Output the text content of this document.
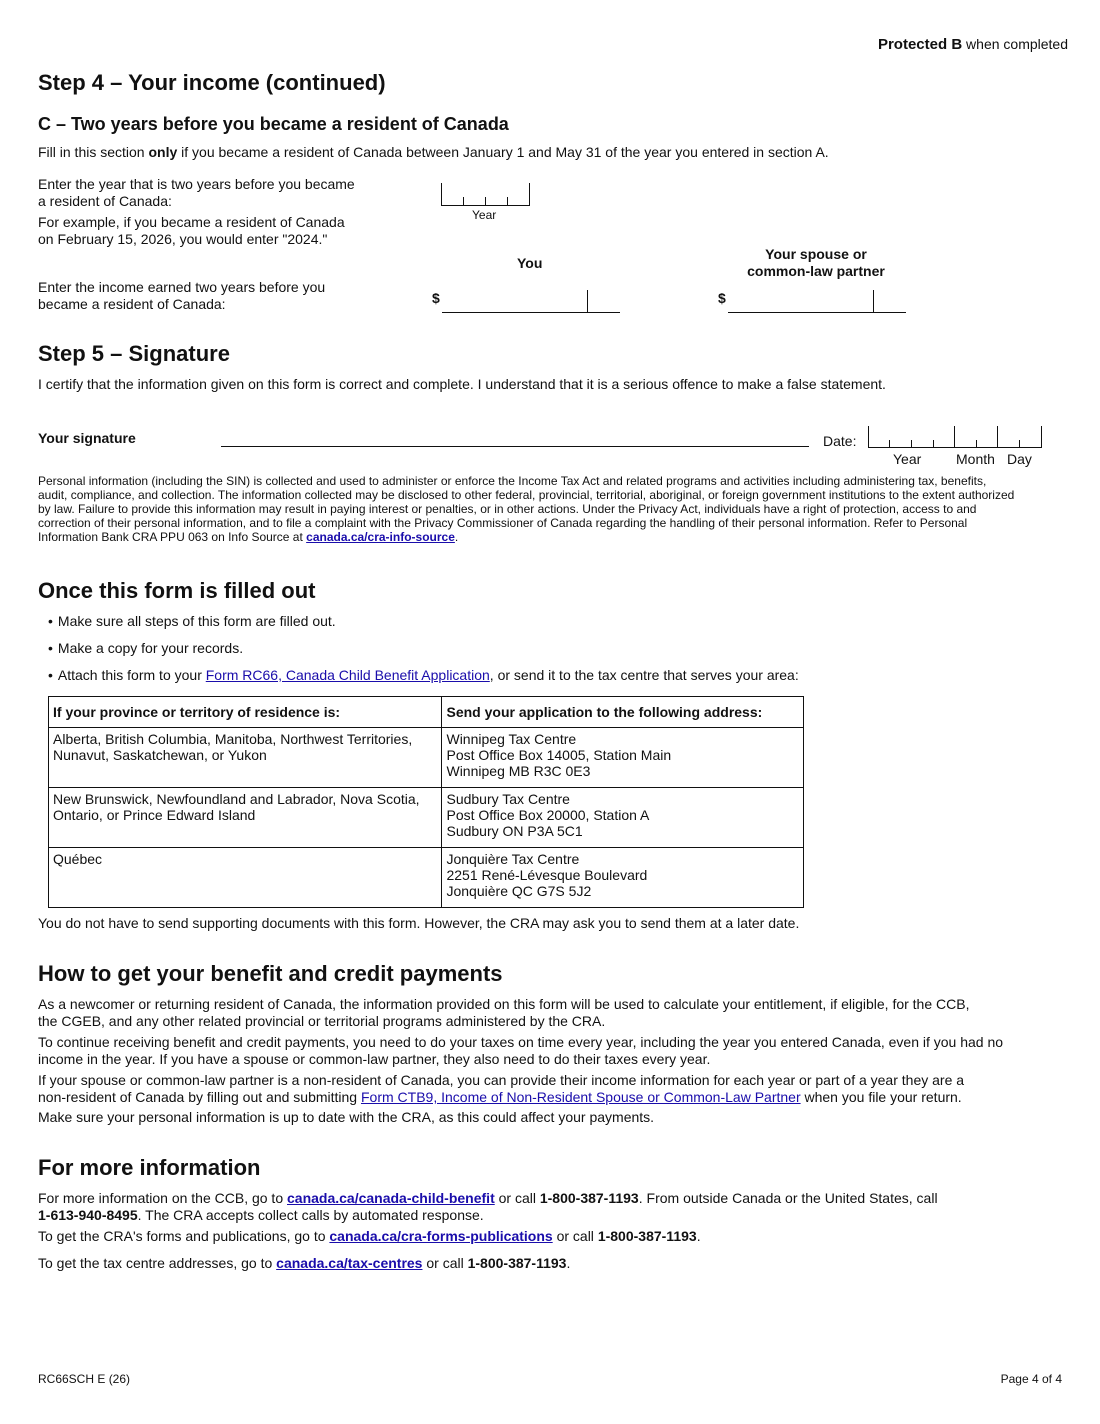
Protected B when completed
Step 4 – Your income (continued)
C – Two years before you became a resident of Canada
Fill in this section only if you became a resident of Canada between January 1 and May 31 of the year you entered in section A.
Enter the year that is two years before you became
a resident of Canada:
For example, if you became a resident of Canada
on February 15, 2026, you would enter "2024."
Year
You
Your spouse or
common-law partner
Enter the income earned two years before you
became a resident of Canada:	$	$
Step 5 – Signature
I certify that the information given on this form is correct and complete. I understand that it is a serious offence to make a false statement.
Your signature	Date:
Year Month Day
Personal information (including the SIN) is collected and used to administer or enforce the Income Tax Act and related programs and activities including administering tax, benefits,
audit, compliance, and collection. The information collected may be disclosed to other federal, provincial, territorial, aboriginal, or foreign government institutions to the extent authorized
by law. Failure to provide this information may result in paying interest or penalties, or in other actions. Under the Privacy Act, individuals have a right of protection, access to and
correction of their personal information, and to file a complaint with the Privacy Commissioner of Canada regarding the handling of their personal information. Refer to Personal
Information Bank CRA PPU 063 on Info Source at canada.ca/cra-info-source.
Once this form is filled out
• Make sure all steps of this form are filled out.
• Make a copy for your records.
• Attach this form to your Form RC66, Canada Child Benefit Application, or send it to the tax centre that serves your area:
If your province or territory of residence is:	Send your application to the following address:
Alberta, British Columbia, Manitoba, Northwest Territories,
Nunavut, Saskatchewan, or Yukon	Winnipeg Tax Centre
Post Office Box 14005, Station Main
Winnipeg MB R3C 0E3
New Brunswick, Newfoundland and Labrador, Nova Scotia,
Ontario, or Prince Edward Island	Sudbury Tax Centre
Post Office Box 20000, Station A
Sudbury ON P3A 5C1
Québec	Jonquière Tax Centre
2251 René-Lévesque Boulevard
Jonquière QC G7S 5J2
You do not have to send supporting documents with this form. However, the CRA may ask you to send them at a later date.
How to get your benefit and credit payments
As a newcomer or returning resident of Canada, the information provided on this form will be used to calculate your entitlement, if eligible, for the CCB,
the CGEB, and any other related provincial or territorial programs administered by the CRA.
To continue receiving benefit and credit payments, you need to do your taxes on time every year, including the year you entered Canada, even if you had no
income in the year. If you have a spouse or common-law partner, they also need to do their taxes every year.
If your spouse or common-law partner is a non-resident of Canada, you can provide their income information for each year or part of a year they are a
non-resident of Canada by filling out and submitting Form CTB9, Income of Non-Resident Spouse or Common-Law Partner when you file your return.
Make sure your personal information is up to date with the CRA, as this could affect your payments.
For more information
For more information on the CCB, go to canada.ca/canada-child-benefit or call 1-800-387-1193. From outside Canada or the United States, call
1-613-940-8495. The CRA accepts collect calls by automated response.
To get the CRA's forms and publications, go to canada.ca/cra-forms-publications or call 1-800-387-1193.
To get the tax centre addresses, go to canada.ca/tax-centres or call 1-800-387-1193.
RC66SCH E (26)	Page 4 of 4
